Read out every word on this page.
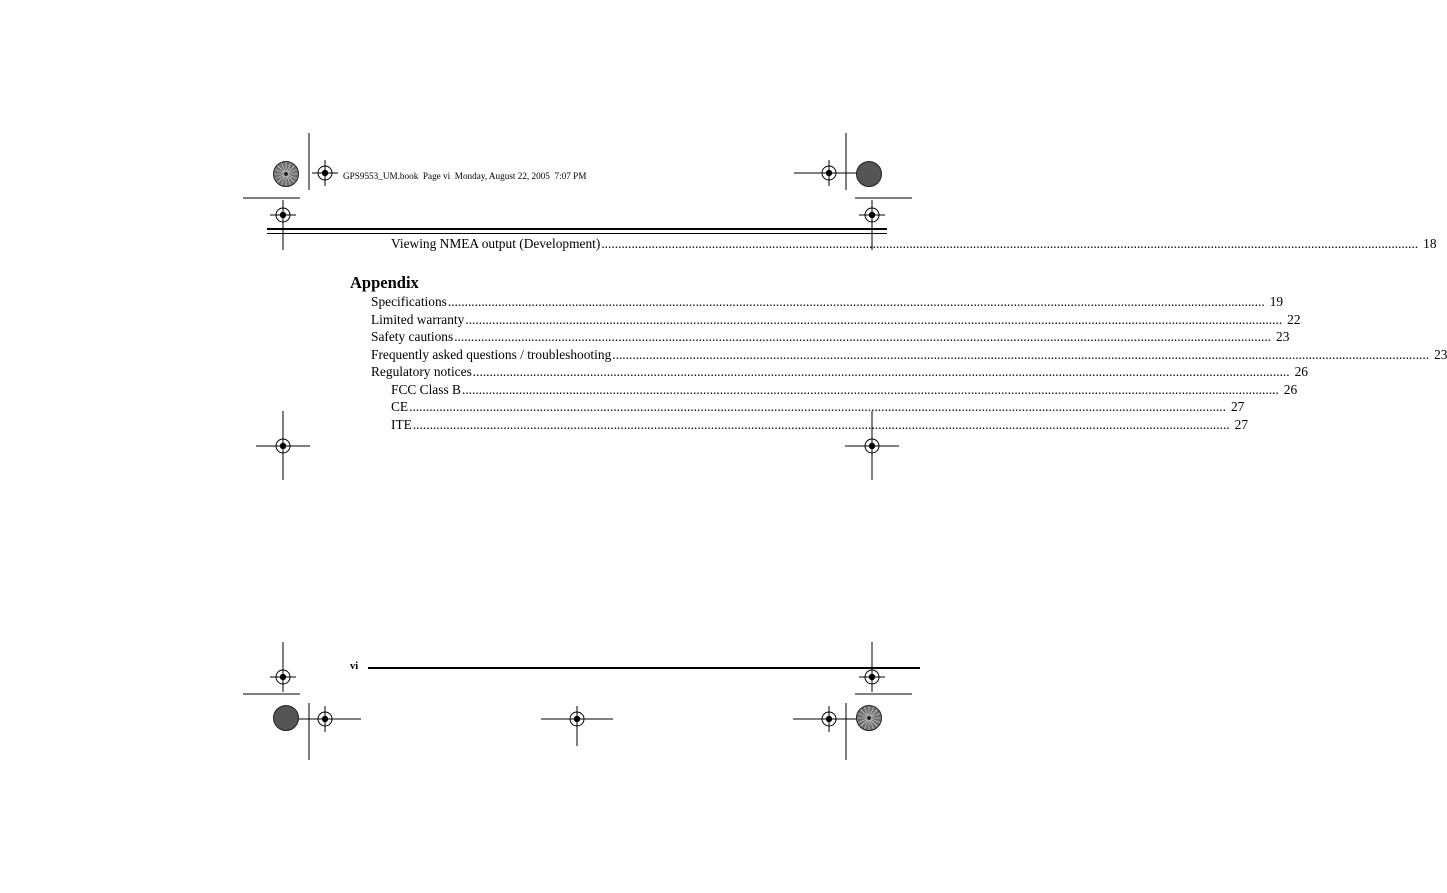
GPS9553_UM.book  Page vi  Monday, August 22, 2005  7:07 PM
Viewing NMEA output (Development) .................................................................................................................................................................................................................................................... 18
Appendix
Specifications .................................................................................................................................................................................................................................................... 19
Limited warranty .................................................................................................................................................................................................................................................... 22
Safety cautions .................................................................................................................................................................................................................................................... 23
Frequently asked questions / troubleshooting .................................................................................................................................................................................................................................................... 23
Regulatory notices .................................................................................................................................................................................................................................................... 26
FCC Class B .................................................................................................................................................................................................................................................... 26
CE .................................................................................................................................................................................................................................................... 27
ITE .................................................................................................................................................................................................................................................... 27
vi
